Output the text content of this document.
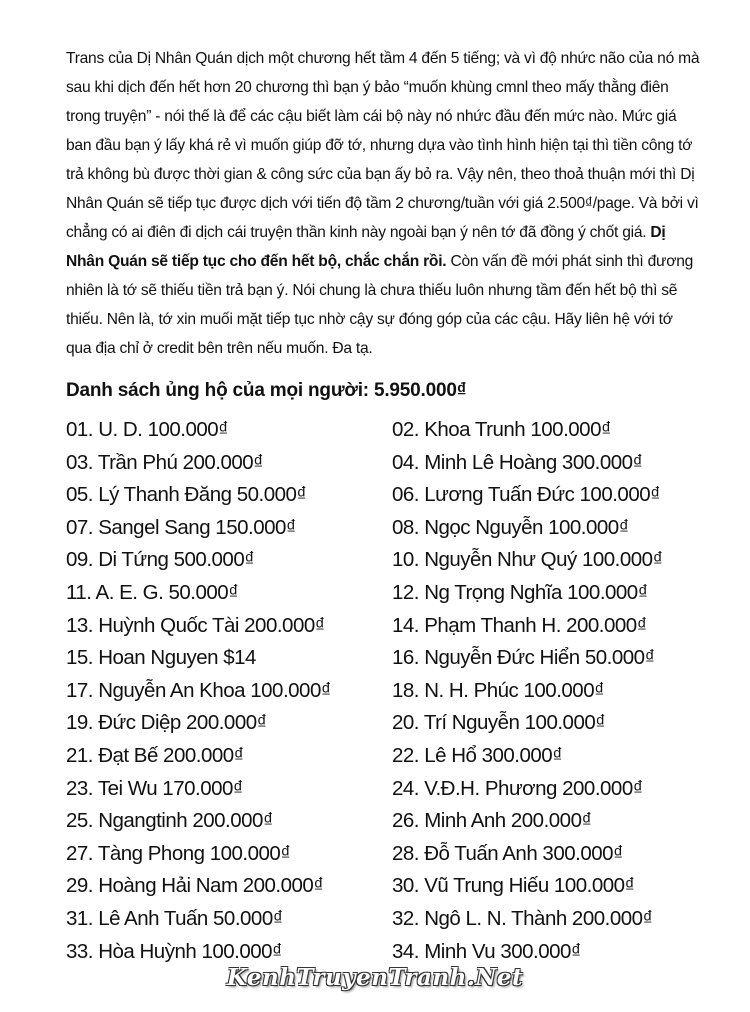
Trans của Dị Nhân Quán dịch một chương hết tầm 4 đến 5 tiếng; và vì độ nhức não của nó mà sau khi dịch đến hết hơn 20 chương thì bạn ý bảo “muốn khùng cmnl theo mấy thằng điên trong truyện” - nói thế là để các cậu biết làm cái bộ này nó nhức đầu đến mức nào. Mức giá ban đầu bạn ý lấy khá rẻ vì muốn giúp đỡ tớ, nhưng dựa vào tình hình hiện tại thì tiền công tớ trả không bù được thời gian & công sức của bạn ấy bỏ ra. Vậy nên, theo thoả thuận mới thì Dị Nhân Quán sẽ tiếp tục được dịch với tiến độ tầm 2 chương/tuần với giá 2.500₫/page. Và bởi vì chẳng có ai điên đi dịch cái truyện thần kinh này ngoài bạn ý nên tớ đã đồng ý chốt giá. Dị Nhân Quán sẽ tiếp tục cho đến hết bộ, chắc chắn rồi. Còn vấn đề mới phát sinh thì đương nhiên là tớ sẽ thiếu tiền trả bạn ý. Nói chung là chưa thiếu luôn nhưng tầm đến hết bộ thì sẽ thiếu. Nên là, tớ xin muối mặt tiếp tục nhờ cậy sự đóng góp của các cậu. Hãy liên hệ với tớ qua địa chỉ ở credit bên trên nếu muốn. Đa tạ.

Danh sách ủng hộ của mọi người: 5.950.000₫
01. U. D. 100.000₫	02. Khoa Trunh 100.000₫
03. Trần Phú 200.000₫	04. Minh Lê Hoàng 300.000₫
05. Lý Thanh Đăng 50.000₫	06. Lương Tuấn Đức 100.000₫
07. Sangel Sang 150.000₫	08. Ngọc Nguyễn 100.000₫
09. Di Tứng 500.000₫	10. Nguyễn Như Quý 100.000₫
11. A. E. G. 50.000₫	12. Ng Trọng Nghĩa 100.000₫
13. Huỳnh Quốc Tài 200.000₫	14. Phạm Thanh H. 200.000₫
15. Hoan Nguyen $14	16. Nguyễn Đức Hiển 50.000₫
17. Nguyễn An Khoa 100.000₫	18. N. H. Phúc 100.000₫
19. Đức Diệp 200.000₫	20. Trí Nguyễn 100.000₫
21. Đạt Bế 200.000₫	22. Lê Hổ 300.000₫
23. Tei Wu 170.000₫	24. V.Đ.H. Phương 200.000₫
25. Ngangtinh 200.000₫	26. Minh Anh 200.000₫
27. Tàng Phong 100.000₫	28. Đỗ Tuấn Anh 300.000₫
29. Hoàng Hải Nam 200.000₫	30. Vũ Trung Hiếu 100.000₫
31. Lê Anh Tuấn 50.000₫	32. Ngô L. N. Thành 200.000₫
33. Hòa Huỳnh 100.000₫	34. Minh Vu 300.000₫
KenhTruyenTranh.Net
